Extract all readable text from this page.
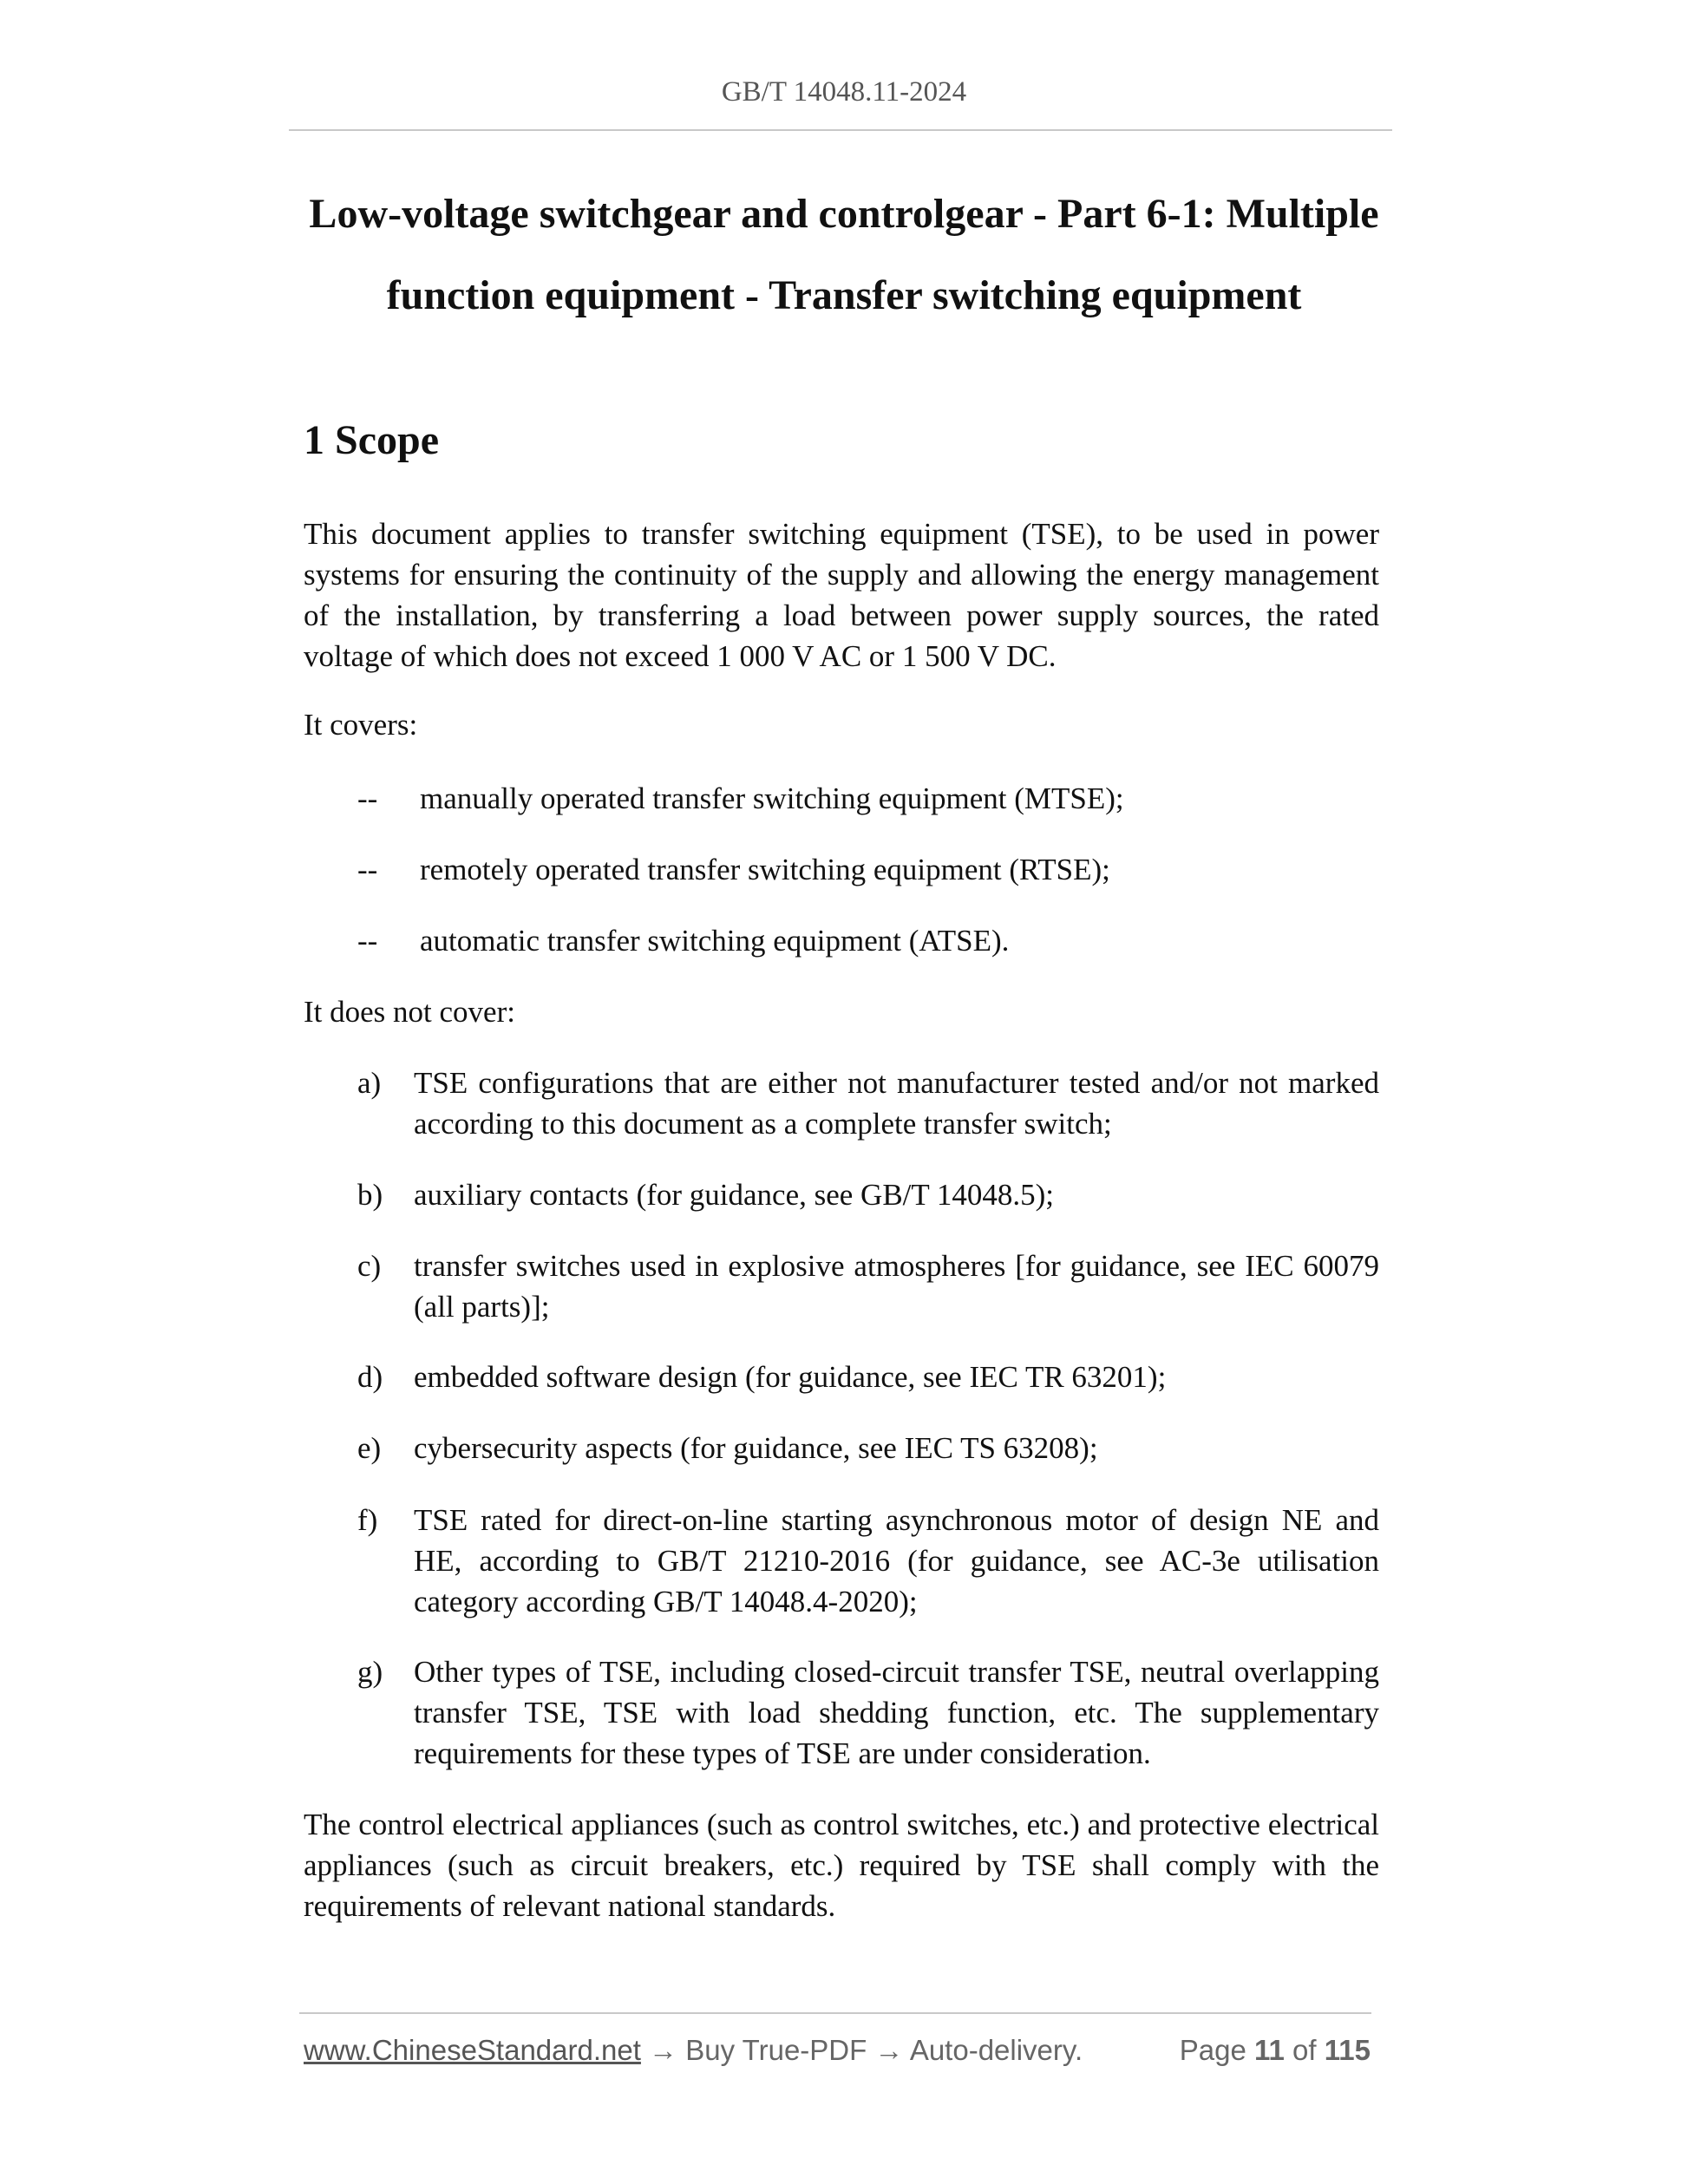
GB/T 14048.11-2024
Low-voltage switchgear and controlgear - Part 6-1: Multiple
function equipment - Transfer switching equipment
1 Scope

This document applies to transfer switching equipment (TSE), to be used in power systems for ensuring the continuity of the supply and allowing the energy management of the installation, by transferring a load between power supply sources, the rated voltage of which does not exceed 1 000 V AC or 1 500 V DC.

It covers:

-- manually operated transfer switching equipment (MTSE);
-- remotely operated transfer switching equipment (RTSE);
-- automatic transfer switching equipment (ATSE).

It does not cover:

a) TSE configurations that are either not manufacturer tested and/or not marked according to this document as a complete transfer switch;
b) auxiliary contacts (for guidance, see GB/T 14048.5);
c) transfer switches used in explosive atmospheres [for guidance, see IEC 60079 (all parts)];
d) embedded software design (for guidance, see IEC TR 63201);
e) cybersecurity aspects (for guidance, see IEC TS 63208);
f) TSE rated for direct-on-line starting asynchronous motor of design NE and HE, according to GB/T 21210-2016 (for guidance, see AC-3e utilisation category according GB/T 14048.4-2020);
g) Other types of TSE, including closed-circuit transfer TSE, neutral overlapping transfer TSE, TSE with load shedding function, etc. The supplementary requirements for these types of TSE are under consideration.

The control electrical appliances (such as control switches, etc.) and protective electrical appliances (such as circuit breakers, etc.) required by TSE shall comply with the requirements of relevant national standards.

www.ChineseStandard.net → Buy True-PDF → Auto-delivery.	Page 11 of 115
